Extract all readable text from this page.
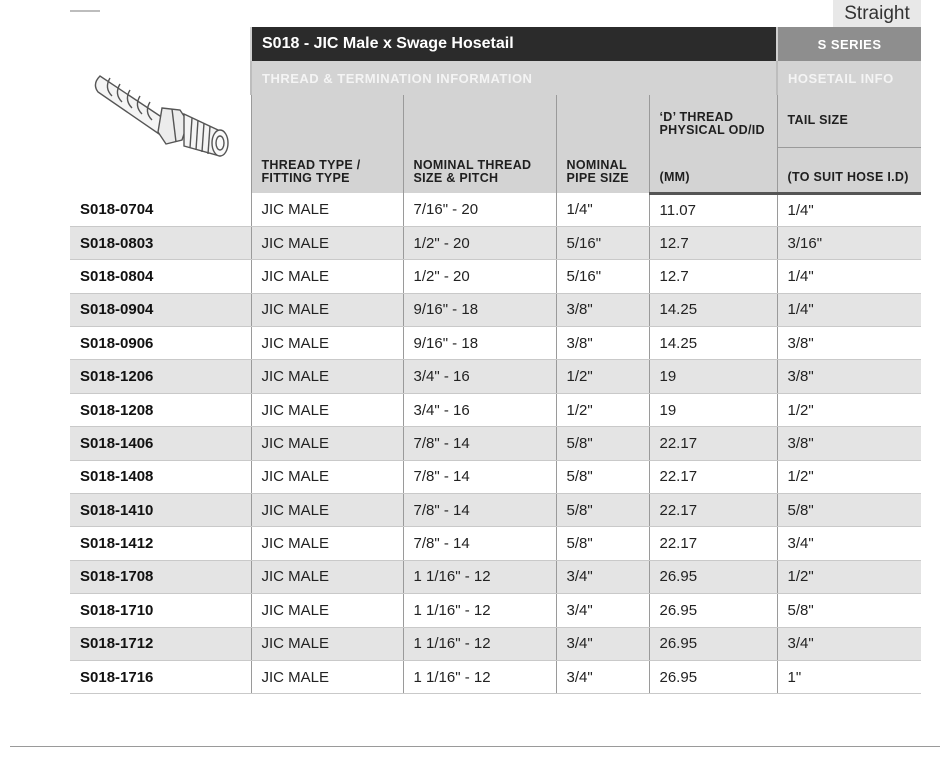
Straight
	S018 - JIC Male x Swage Hosetail				S SERIES
	THREAD & TERMINATION INFORMATION				HOSETAIL INFO
	THREAD TYPE / FITTING TYPE	NOMINAL THREAD SIZE & PITCH	NOMINAL PIPE SIZE	‘D’ THREAD PHYSICAL OD/ID	TAIL SIZE
				(MM)	(TO SUIT HOSE I.D)
S018-0704	JIC MALE	7/16" - 20	1/4"	11.07	1/4"
S018-0803	JIC MALE	1/2" - 20	5/16"	12.7	3/16"
S018-0804	JIC MALE	1/2" - 20	5/16"	12.7	1/4"
S018-0904	JIC MALE	9/16" - 18	3/8"	14.25	1/4"
S018-0906	JIC MALE	9/16" - 18	3/8"	14.25	3/8"
S018-1206	JIC MALE	3/4" - 16	1/2"	19	3/8"
S018-1208	JIC MALE	3/4" - 16	1/2"	19	1/2"
S018-1406	JIC MALE	7/8" - 14	5/8"	22.17	3/8"
S018-1408	JIC MALE	7/8" - 14	5/8"	22.17	1/2"
S018-1410	JIC MALE	7/8" - 14	5/8"	22.17	5/8"
S018-1412	JIC MALE	7/8" - 14	5/8"	22.17	3/4"
S018-1708	JIC MALE	1 1/16" - 12	3/4"	26.95	1/2"
S018-1710	JIC MALE	1 1/16" - 12	3/4"	26.95	5/8"
S018-1712	JIC MALE	1 1/16" - 12	3/4"	26.95	3/4"
S018-1716	JIC MALE	1 1/16" - 12	3/4"	26.95	1"
